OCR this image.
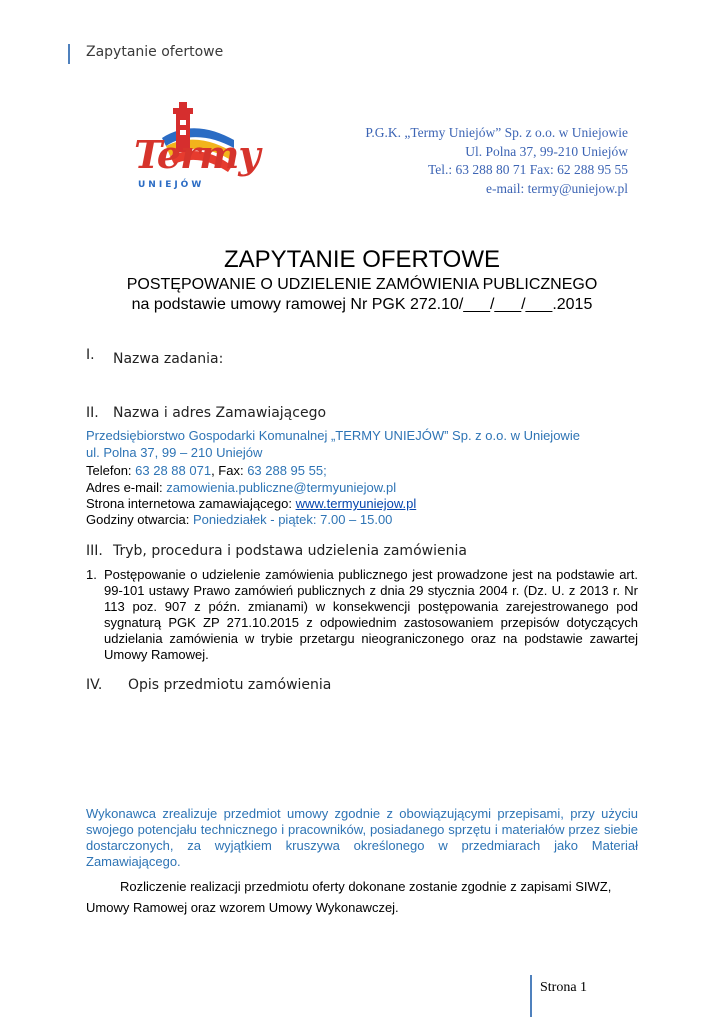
Zapytanie ofertowe
Termy
UNIEJÓW
P.G.K. „Termy Uniejów” Sp. z o.o. w Uniejowie
Ul. Polna 37, 99-210 Uniejów
Tel.: 63 288 80 71 Fax: 62 288 95 55
e-mail: termy@uniejow.pl
ZAPYTANIE OFERTOWE
POSTĘPOWANIE O UDZIELENIE ZAMÓWIENIA PUBLICZNEGO
na podstawie umowy ramowej Nr PGK 272.10/___/___/___.2015
I. Nazwa zadania:
II. Nazwa i adres Zamawiającego
Przedsiębiorstwo Gospodarki Komunalnej „TERMY UNIEJÓW” Sp. z o.o. w Uniejowie
ul. Polna 37, 99 – 210 Uniejów
Telefon: 63 28 88 071, Fax: 63 288 95 55;
Adres e-mail: zamowienia.publiczne@termyuniejow.pl
Strona internetowa zamawiającego: www.termyuniejow.pl
Godziny otwarcia: Poniedziałek - piątek: 7.00 – 15.00
III. Tryb, procedura i podstawa udzielenia zamówienia
1. Postępowanie o udzielenie zamówienia publicznego jest prowadzone jest na podstawie art. 99-101 ustawy Prawo zamówień publicznych z dnia 29 stycznia 2004 r. (Dz. U. z 2013 r. Nr 113 poz. 907 z późn. zmianami) w konsekwencji postępowania zarejestrowanego pod sygnaturą PGK ZP 271.10.2015 z odpowiednim zastosowaniem przepisów dotyczących udzielania zamówienia w trybie przetargu nieograniczonego oraz na podstawie zawartej Umowy Ramowej.
IV. Opis przedmiotu zamówienia
Wykonawca zrealizuje przedmiot umowy zgodnie z obowiązującymi przepisami, przy użyciu swojego potencjału technicznego i pracowników, posiadanego sprzętu i materiałów przez siebie dostarczonych, za wyjątkiem kruszywa określonego w przedmiarach jako Materiał Zamawiającego.
Rozliczenie realizacji przedmiotu oferty dokonane zostanie zgodnie z zapisami SIWZ, Umowy Ramowej oraz wzorem Umowy Wykonawczej.
Strona 1
